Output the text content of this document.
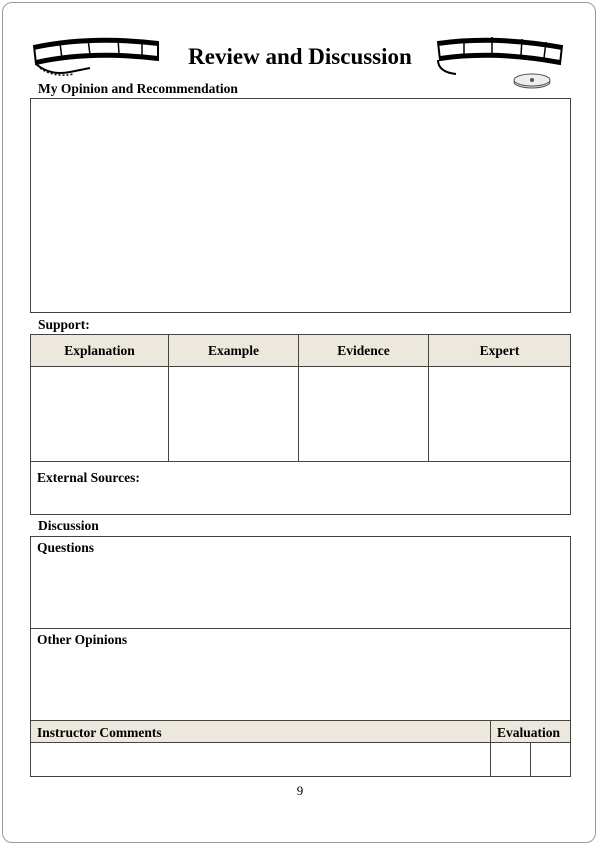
Review and Discussion
My Opinion and Recommendation
Support:
Explanation	Example	Evidence	Expert
External Sources:
Discussion
Questions
Other Opinions
Instructor Comments	Evaluation
9
